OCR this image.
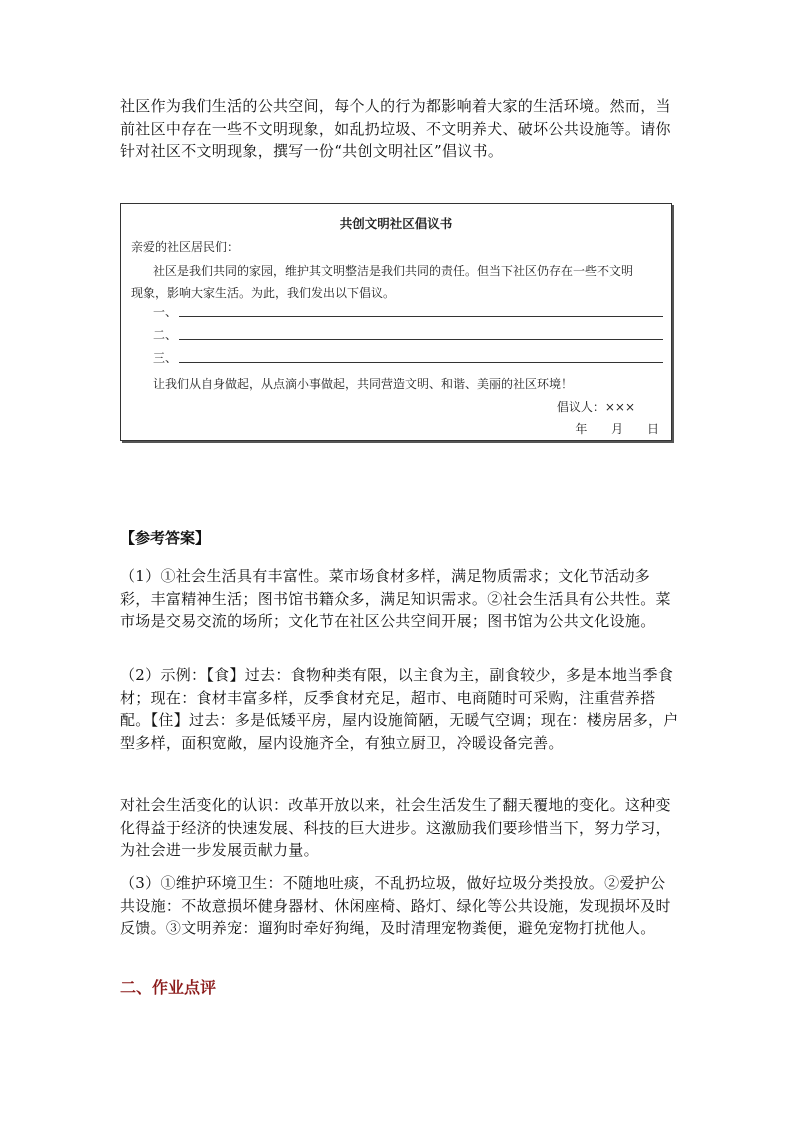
社区作为我们生活的公共空间，每个人的行为都影响着大家的生活环境。然而，当前社区中存在一些不文明现象，如乱扔垃圾、不文明养犬、破坏公共设施等。请你针对社区不文明现象，撰写一份“共创文明社区”倡议书。

共创文明社区倡议书
亲爱的社区居民们：
社区是我们共同的家园，维护其文明整洁是我们共同的责任。但当下社区仍存在一些不文明
现象，影响大家生活。为此，我们发出以下倡议。
一、
二、
三、
让我们从自身做起，从点滴小事做起，共同营造文明、和谐、美丽的社区环境！
倡议人：×××
年 月 日
【参考答案】

（1）①社会生活具有丰富性。菜市场食材多样，满足物质需求；文化节活动多彩，丰富精神生活；图书馆书籍众多，满足知识需求。②社会生活具有公共性。菜市场是交易交流的场所；文化节在社区公共空间开展；图书馆为公共文化设施。

（2）示例：【食】过去：食物种类有限，以主食为主，副食较少，多是本地当季食材；现在：食材丰富多样，反季食材充足，超市、电商随时可采购，注重营养搭配。【住】过去：多是低矮平房，屋内设施简陋，无暖气空调；现在：楼房居多，户型多样，面积宽敞，屋内设施齐全，有独立厨卫，冷暖设备完善。

对社会生活变化的认识：改革开放以来，社会生活发生了翻天覆地的变化。这种变化得益于经济的快速发展、科技的巨大进步。这激励我们要珍惜当下，努力学习，为社会进一步发展贡献力量。

（3）①维护环境卫生：不随地吐痰，不乱扔垃圾，做好垃圾分类投放。②爱护公共设施：不故意损坏健身器材、休闲座椅、路灯、绿化等公共设施，发现损坏及时反馈。③文明养宠：遛狗时牵好狗绳，及时清理宠物粪便，避免宠物打扰他人。

二、作业点评
